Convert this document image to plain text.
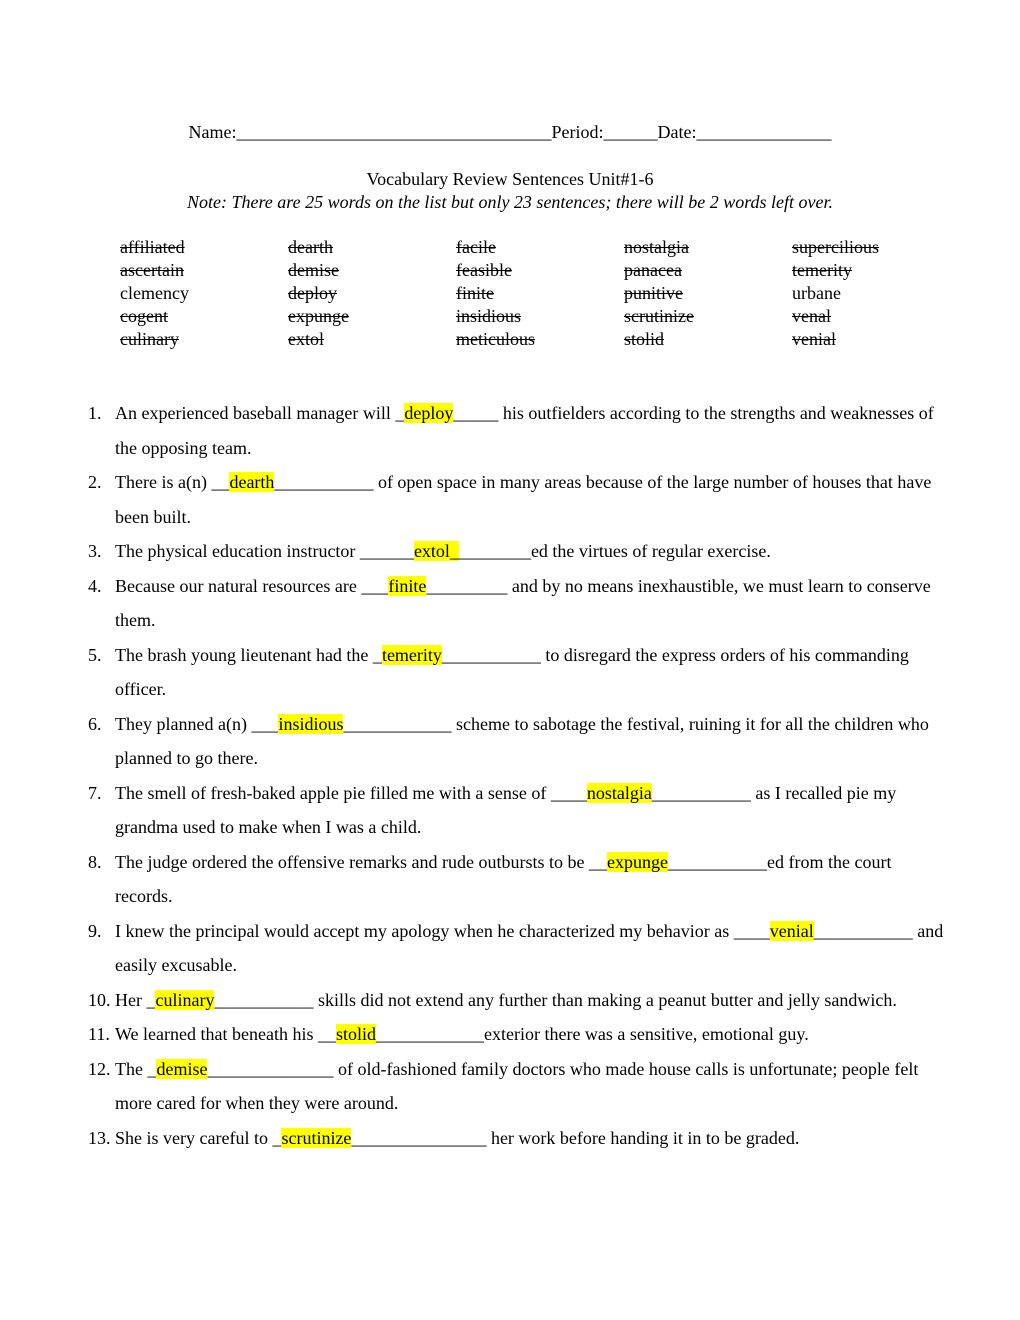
Name:___________________________________Period:______Date:_______________
Vocabulary Review Sentences Unit#1-6
Note: There are 25 words on the list but only 23 sentences; there will be 2 words left over.
affiliated	dearth	facile	nostalgia	supercilious
ascertain	demise	feasible	panacea	temerity
clemency	deploy	finite	punitive	urbane
cogent	expunge	insidious	scrutinize	venal
culinary	extol	meticulous	stolid	venial
1. An experienced baseball manager will _deploy_____ his outfielders according to the strengths and weaknesses of the opposing team.
2. There is a(n) __dearth___________ of open space in many areas because of the large number of houses that have been built.
3. The physical education instructor ______extol_________ed the virtues of regular exercise.
4. Because our natural resources are ___finite_________ and by no means inexhaustible, we must learn to conserve them.
5. The brash young lieutenant had the _temerity___________ to disregard the express orders of his commanding officer.
6. They planned a(n) ___insidious____________ scheme to sabotage the festival, ruining it for all the children who planned to go there.
7. The smell of fresh-baked apple pie filled me with a sense of ____nostalgia___________ as I recalled pie my grandma used to make when I was a child.
8. The judge ordered the offensive remarks and rude outbursts to be __expunge___________ed from the court records.
9. I knew the principal would accept my apology when he characterized my behavior as ____venial___________ and easily excusable.
10. Her _culinary___________ skills did not extend any further than making a peanut butter and jelly sandwich.
11. We learned that beneath his __stolid____________exterior there was a sensitive, emotional guy.
12. The _demise______________ of old-fashioned family doctors who made house calls is unfortunate; people felt more cared for when they were around.
13. She is very careful to _scrutinize_______________ her work before handing it in to be graded.
